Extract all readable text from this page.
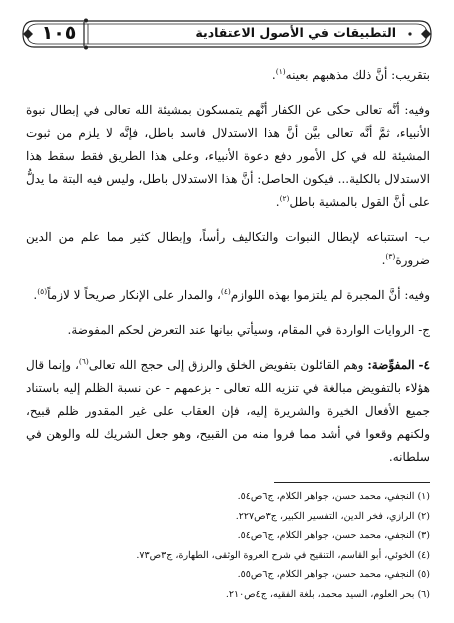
١٠٥	التطبيقات في الأصول الاعتقادية

بتقريب: أنَّ ذلك مذهبهم بعينه$^{(١)}$.

وفيه: أنَّه تعالى حكى عن الكفار أنَّهم يتمسكون بمشيئة الله تعالى في إبطال نبوة الأنبياء، ثمَّ أنَّه تعالى بيَّن أنَّ هذا الاستدلال فاسد باطل، فإنَّه لا يلزم من ثبوت المشيئة لله في كل الأمور دفع دعوة الأنبياء، وعلى هذا الطريق فقط سقط هذا الاستدلال بالكلية... فيكون الحاصل: أنَّ هذا الاستدلال باطل، وليس فيه البتة ما يدلُّ على أنَّ القول بالمشية باطل$^{(٢)}$.

ب- استتباعه لإبطال النبوات والتكاليف رأساً، وإبطال كثير مما علم من الدين ضرورة$^{(٣)}$.

وفيه: أنَّ المجبرة لم يلتزموا بهذه اللوازم$^{(٤)}$، والمدار على الإنكار صريحاً لا لازماً$^{(٥)}$.

ج- الروايات الواردة في المقام، وسيأتي بيانها عند التعرض لحكم المفوضة.

٤- المفوِّضة: وهم القائلون بتفويض الخلق والرزق إلى حجج الله تعالى$^{(٦)}$، وإنما قال هؤلاء بالتفويض مبالغة في تنزيه الله تعالى - بزعمهم - عن نسبة الظلم إليه باستناد جميع الأفعال الخيرة والشريرة إليه، فإن العقاب على غير المقدور ظلم قبيح، ولكنهم وقعوا في أشد مما فروا منه من القبيح، وهو جعل الشريك لله والوهن في سلطانه.

(١) النجفي، محمد حسن، جواهر الكلام، ج٦ص٥٤.
(٢) الرازي، فخر الدين، التفسير الكبير، ج٣ص٢٢٧.
(٣) النجفي، محمد حسن، جواهر الكلام، ج٦ص٥٤.
(٤) الخوئي، أبو القاسم، التنقيح في شرح العروة الوثقى، الطهارة، ج٣ص٧٣.
(٥) النجفي، محمد حسن، جواهر الكلام، ج٦ص٥٥.
(٦) بحر العلوم، السيد محمد، بلغة الفقيه، ج٤ص٢١٠.
